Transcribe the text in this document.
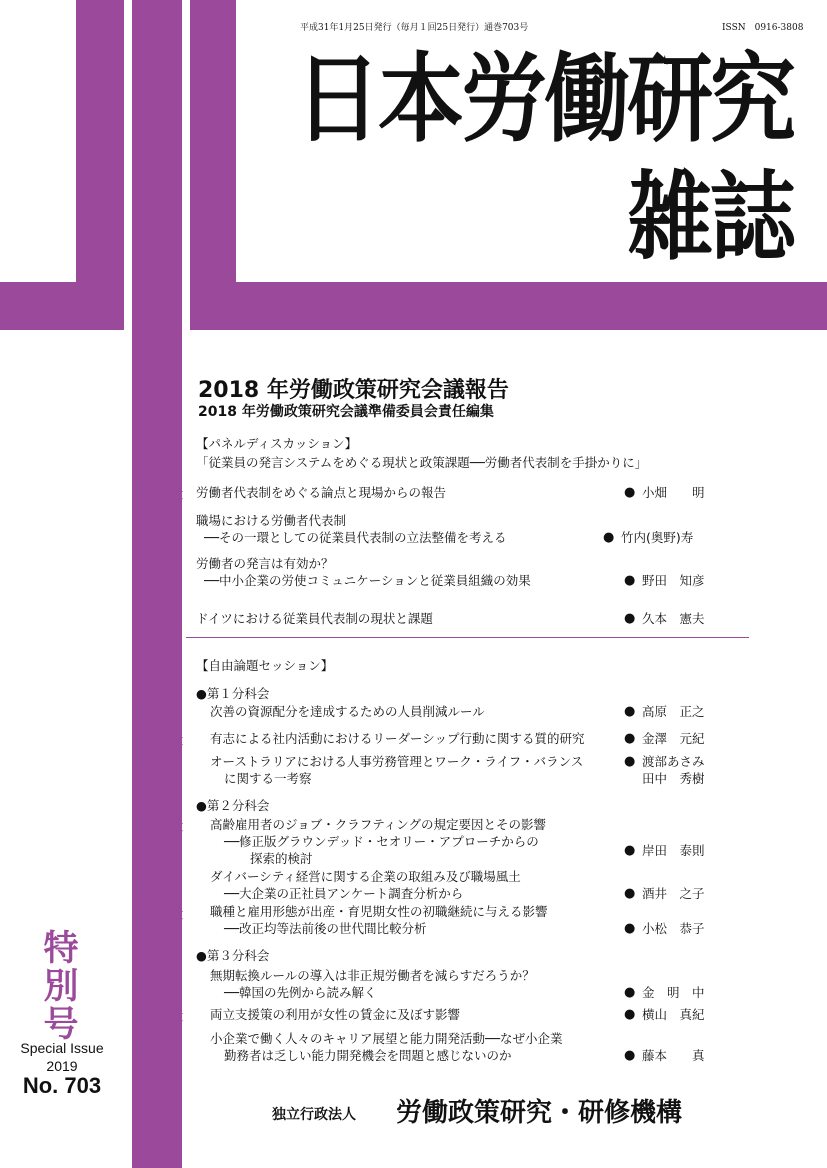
平成31年1月25日発行（毎月１回25日発行）通巻703号	ISSN　0916-3808
日本労働研究
雑誌
2018 年労働政策研究会議報告
2018 年労働政策研究会議準備委員会責任編集
【パネルディスカッション】
「従業員の発言システムをめぐる現状と政策課題──労働者代表制を手掛かりに」
論　文 労働者代表制をめぐる論点と現場からの報告	● 小畑　　明
職場における労働者代表制
──その一環としての従業員代表制の立法整備を考える	● 竹内(奥野)寿
労働者の発言は有効か？
──中小企業の労使コミュニケーションと従業員組織の効果	● 野田　知彦
ドイツにおける従業員代表制の現状と課題	● 久本　憲夫
【自由論題セッション】
●第１分科会
論文要旨	次善の資源配分を達成するための人員削減ルール	● 高原　正之
論　文 有志による社内活動におけるリーダーシップ行動に関する質的研究	● 金澤　元紀
論文要旨	オーストラリアにおける人事労務管理とワーク・ライフ・バランス
に関する一考察
● 渡部あさみ
田中　秀樹
●第２分科会
論　文 高齢雇用者のジョブ・クラフティングの規定要因とその影響
──修正版グラウンデッド・セオリー・アプローチからの
探索的検討
● 岸田　泰則
論文要旨	ダイバーシティ経営に関する企業の取組み及び職場風土
──大企業の正社員アンケート調査分析から	● 酒井　之子
論　文 職種と雇用形態が出産・育児期女性の初職継続に与える影響
──改正均等法前後の世代間比較分析	● 小松　恭子
●第３分科会
論文要旨	無期転換ルールの導入は非正規労働者を減らすだろうか？
──韓国の先例から読み解く	● 金　明　中
論　文 両立支援策の利用が女性の賃金に及ぼす影響	● 横山　真紀
論文要旨	小企業で働く人々のキャリア展望と能力開発活動──なぜ小企業
勤務者は乏しい能力開発機会を問題と感じないのか	● 藤本　　真
特別号
Special Issue
2019
No. 703
独立行政法人 労働政策研究・研修機構
